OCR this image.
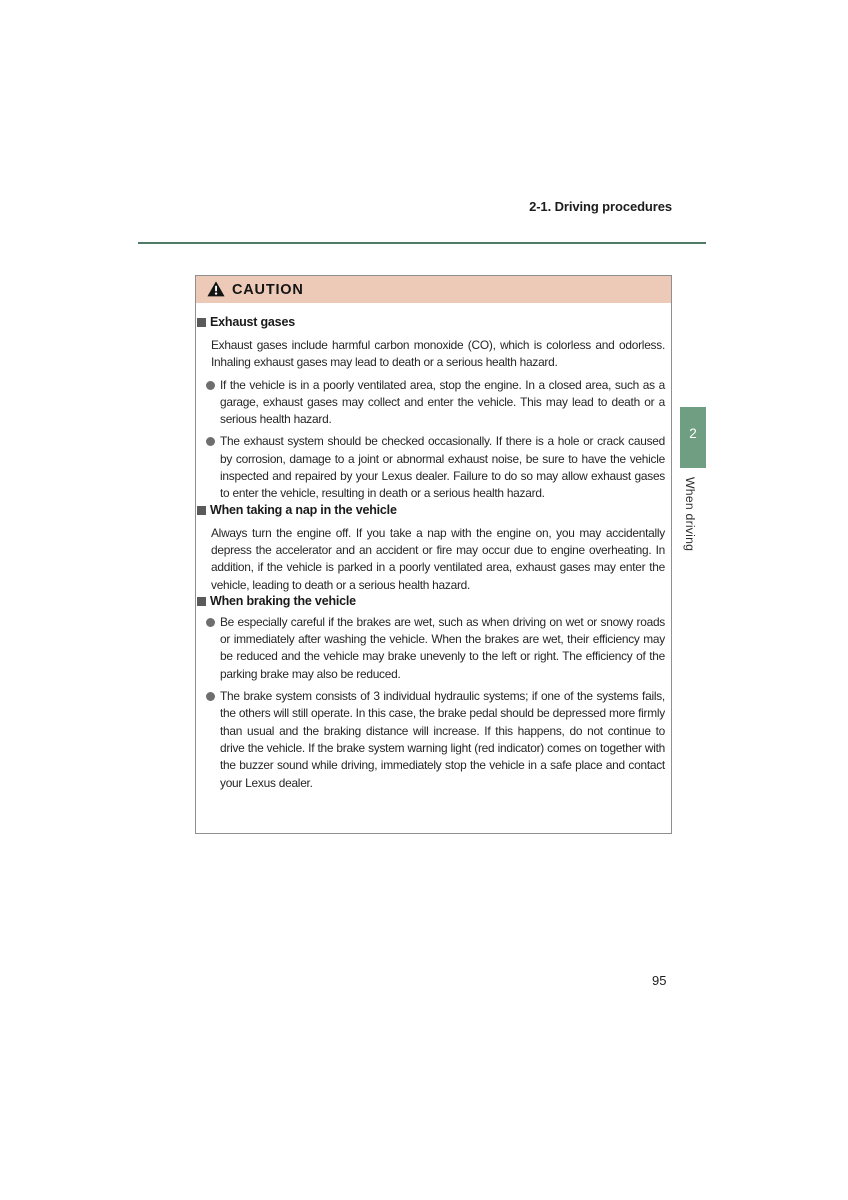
2-1. Driving procedures
CAUTION
Exhaust gases
Exhaust gases include harmful carbon monoxide (CO), which is colorless and odorless. Inhaling exhaust gases may lead to death or a serious health hazard.
If the vehicle is in a poorly ventilated area, stop the engine. In a closed area, such as a garage, exhaust gases may collect and enter the vehicle. This may lead to death or a serious health hazard.
The exhaust system should be checked occasionally. If there is a hole or crack caused by corrosion, damage to a joint or abnormal exhaust noise, be sure to have the vehicle inspected and repaired by your Lexus dealer. Failure to do so may allow exhaust gases to enter the vehicle, resulting in death or a serious health hazard.
When taking a nap in the vehicle
Always turn the engine off. If you take a nap with the engine on, you may accidentally depress the accelerator and an accident or fire may occur due to engine overheating. In addition, if the vehicle is parked in a poorly ventilated area, exhaust gases may enter the vehicle, leading to death or a serious health hazard.
When braking the vehicle
Be especially careful if the brakes are wet, such as when driving on wet or snowy roads or immediately after washing the vehicle. When the brakes are wet, their efficiency may be reduced and the vehicle may brake unevenly to the left or right. The efficiency of the parking brake may also be reduced.
The brake system consists of 3 individual hydraulic systems; if one of the systems fails, the others will still operate. In this case, the brake pedal should be depressed more firmly than usual and the braking distance will increase. If this happens, do not continue to drive the vehicle. If the brake system warning light (red indicator) comes on together with the buzzer sound while driving, immediately stop the vehicle in a safe place and contact your Lexus dealer.
2
When driving
95
